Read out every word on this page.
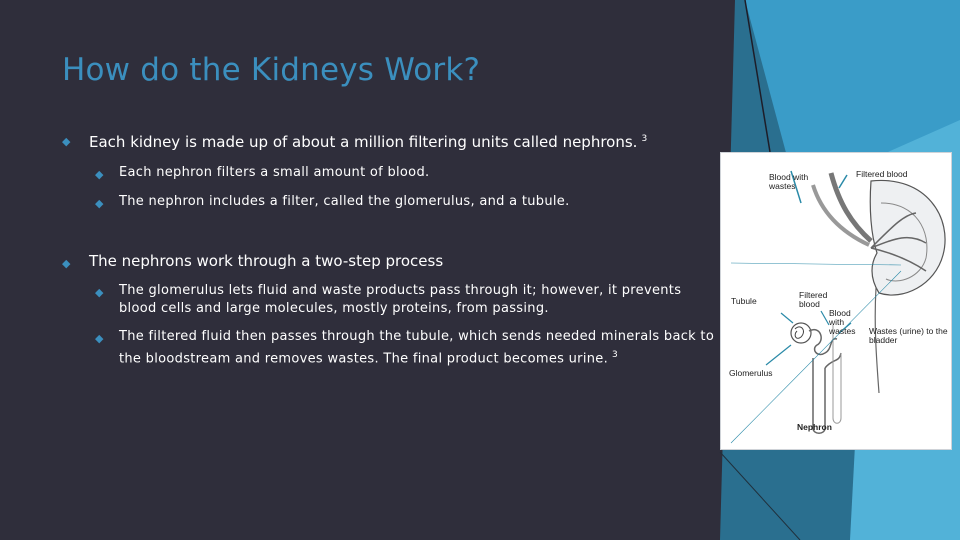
How do the Kidneys Work?
◆ Each kidney is made up of about a million filtering units called nephrons. $^3$
◆ Each nephron filters a small amount of blood.
◆ The nephron includes a filter, called the glomerulus, and a tubule.
◆ The nephrons work through a two-step process
◆ The glomerulus lets fluid and waste products pass through it; however, it prevents blood cells and large molecules, mostly proteins, from passing.
◆ The filtered fluid then passes through the tubule, which sends needed minerals back to the bloodstream and removes wastes. The final product becomes urine. $^3$
Blood with wastes
Filtered blood
Tubule
Filtered blood
Blood with wastes	Wastes (urine) to the bladder
Glomerulus
Nephron
